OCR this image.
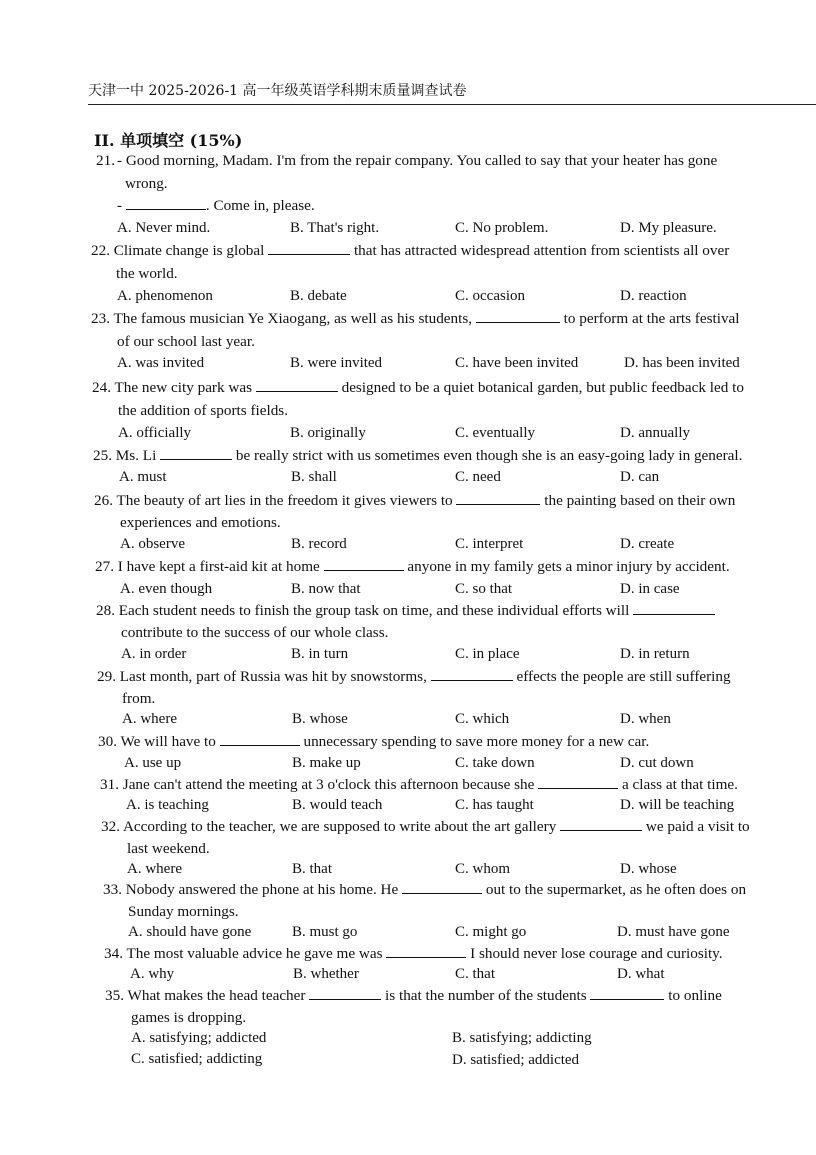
天津一中 2025-2026-1 高一年级英语学科期末质量调查试卷
II. 单项填空 (15%)
21. - Good morning, Madam. I'm from the repair company. You called to say that your heater has gone
wrong.
-	. Come in, please.
A. Never mind.	B. That's right.	C. No problem.	D. My pleasure.
22. Climate change is global	that has attracted widespread attention from scientists all over
the world.
A. phenomenon	B. debate	C. occasion	D. reaction
23. The famous musician Ye Xiaogang, as well as his students,	to perform at the arts festival
of our school last year.
A. was invited	B. were invited	C. have been invited	D. has been invited
24. The new city park was	designed to be a quiet botanical garden, but public feedback led to
the addition of sports fields.
A. officially	B. originally	C. eventually	D. annually
25. Ms. Li	be really strict with us sometimes even though she is an easy-going lady in general.
A. must	B. shall	C. need	D. can
26. The beauty of art lies in the freedom it gives viewers to	the painting based on their own
experiences and emotions.
A. observe	B. record	C. interpret	D. create
27. I have kept a first-aid kit at home	anyone in my family gets a minor injury by accident.
A. even though	B. now that	C. so that	D. in case
28. Each student needs to finish the group task on time, and these individual efforts will
contribute to the success of our whole class.
A. in order	B. in turn	C. in place	D. in return
29. Last month, part of Russia was hit by snowstorms,	effects the people are still suffering
from.
A. where	B. whose	C. which	D. when
30. We will have to	unnecessary spending to save more money for a new car.
A. use up	B. make up	C. take down	D. cut down
31. Jane can't attend the meeting at 3 o'clock this afternoon because she	a class at that time.
A. is teaching	B. would teach	C. has taught	D. will be teaching
32. According to the teacher, we are supposed to write about the art gallery	we paid a visit to
last weekend.
A. where	B. that	C. whom	D. whose
33. Nobody answered the phone at his home. He	out to the supermarket, as he often does on
Sunday mornings.
A. should have gone	B. must go	C. might go	D. must have gone
34. The most valuable advice he gave me was	I should never lose courage and curiosity.
A. why	B. whether	C. that	D. what
35. What makes the head teacher	is that the number of the students	to online
games is dropping.
A. satisfying; addicted	B. satisfying; addicting
C. satisfied; addicting	D. satisfied; addicted
